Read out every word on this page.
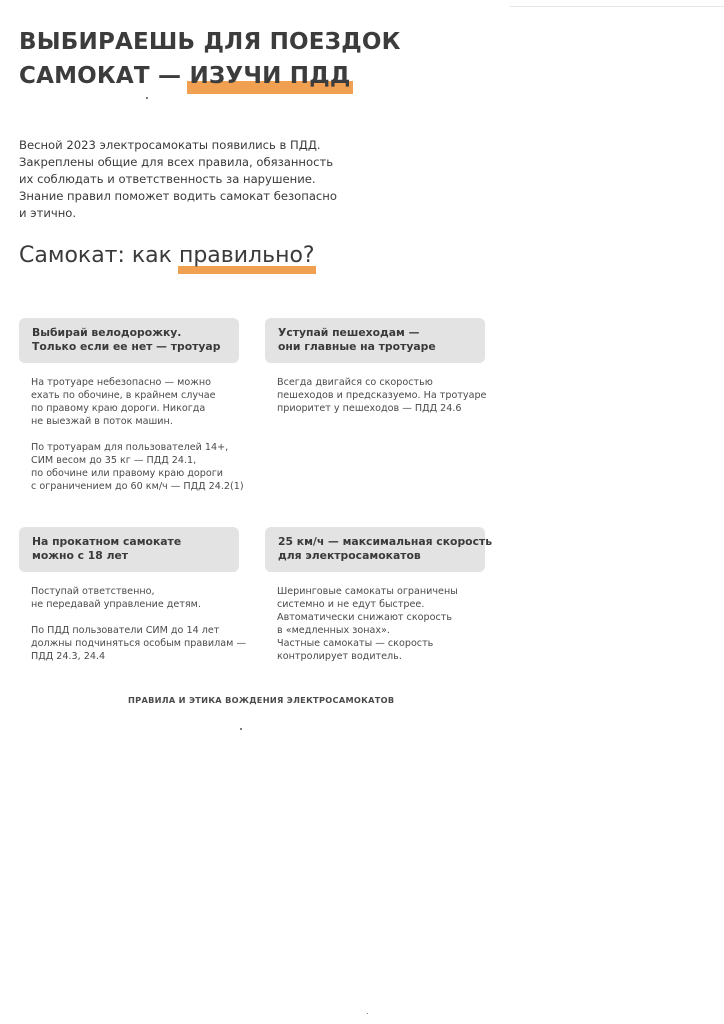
ВЫБИРАЕШЬ ДЛЯ ПОЕЗДОК
САМОКАТ — ИЗУЧИ ПДД

Весной 2023 электросамокаты появились в ПДД.

Закреплены общие для всех правила, обязанность

их соблюдать и ответственность за нарушение.

Знание правил поможет водить самокат безопасно

и этично.

Самокат: как правильно?
Выбирай велодорожку.
Только если ее нет — тротуар
На тротуаре небезопасно — можно
ехать по обочине, в крайнем случае
по правому краю дороги. Никогда
не выезжай в поток машин.
По тротуарам для пользователей 14+,
СИМ весом до 35 кг — ПДД 24.1,
по обочине или правому краю дороги
с ограничением до 60 км/ч — ПДД 24.2(1)
Уступай пешеходам —
они главные на тротуаре
Всегда двигайся со скоростью
пешеходов и предсказуемо. На тротуаре
приоритет у пешеходов — ПДД 24.6
На прокатном самокате
можно с 18 лет
Поступай ответственно,
не передавай управление детям.
По ПДД пользователи СИМ до 14 лет
должны подчиняться особым правилам —
ПДД 24.3, 24.4
25 км/ч — максимальная скорость
для электросамокатов
Шеринговые самокаты ограничены
системно и не едут быстрее.
Автоматически снижают скорость
в «медленных зонах».
Частные самокаты — скорость
контролирует водитель.
ПРАВИЛА И ЭТИКА ВОЖДЕНИЯ ЭЛЕКТРОСАМОКАТОВ
